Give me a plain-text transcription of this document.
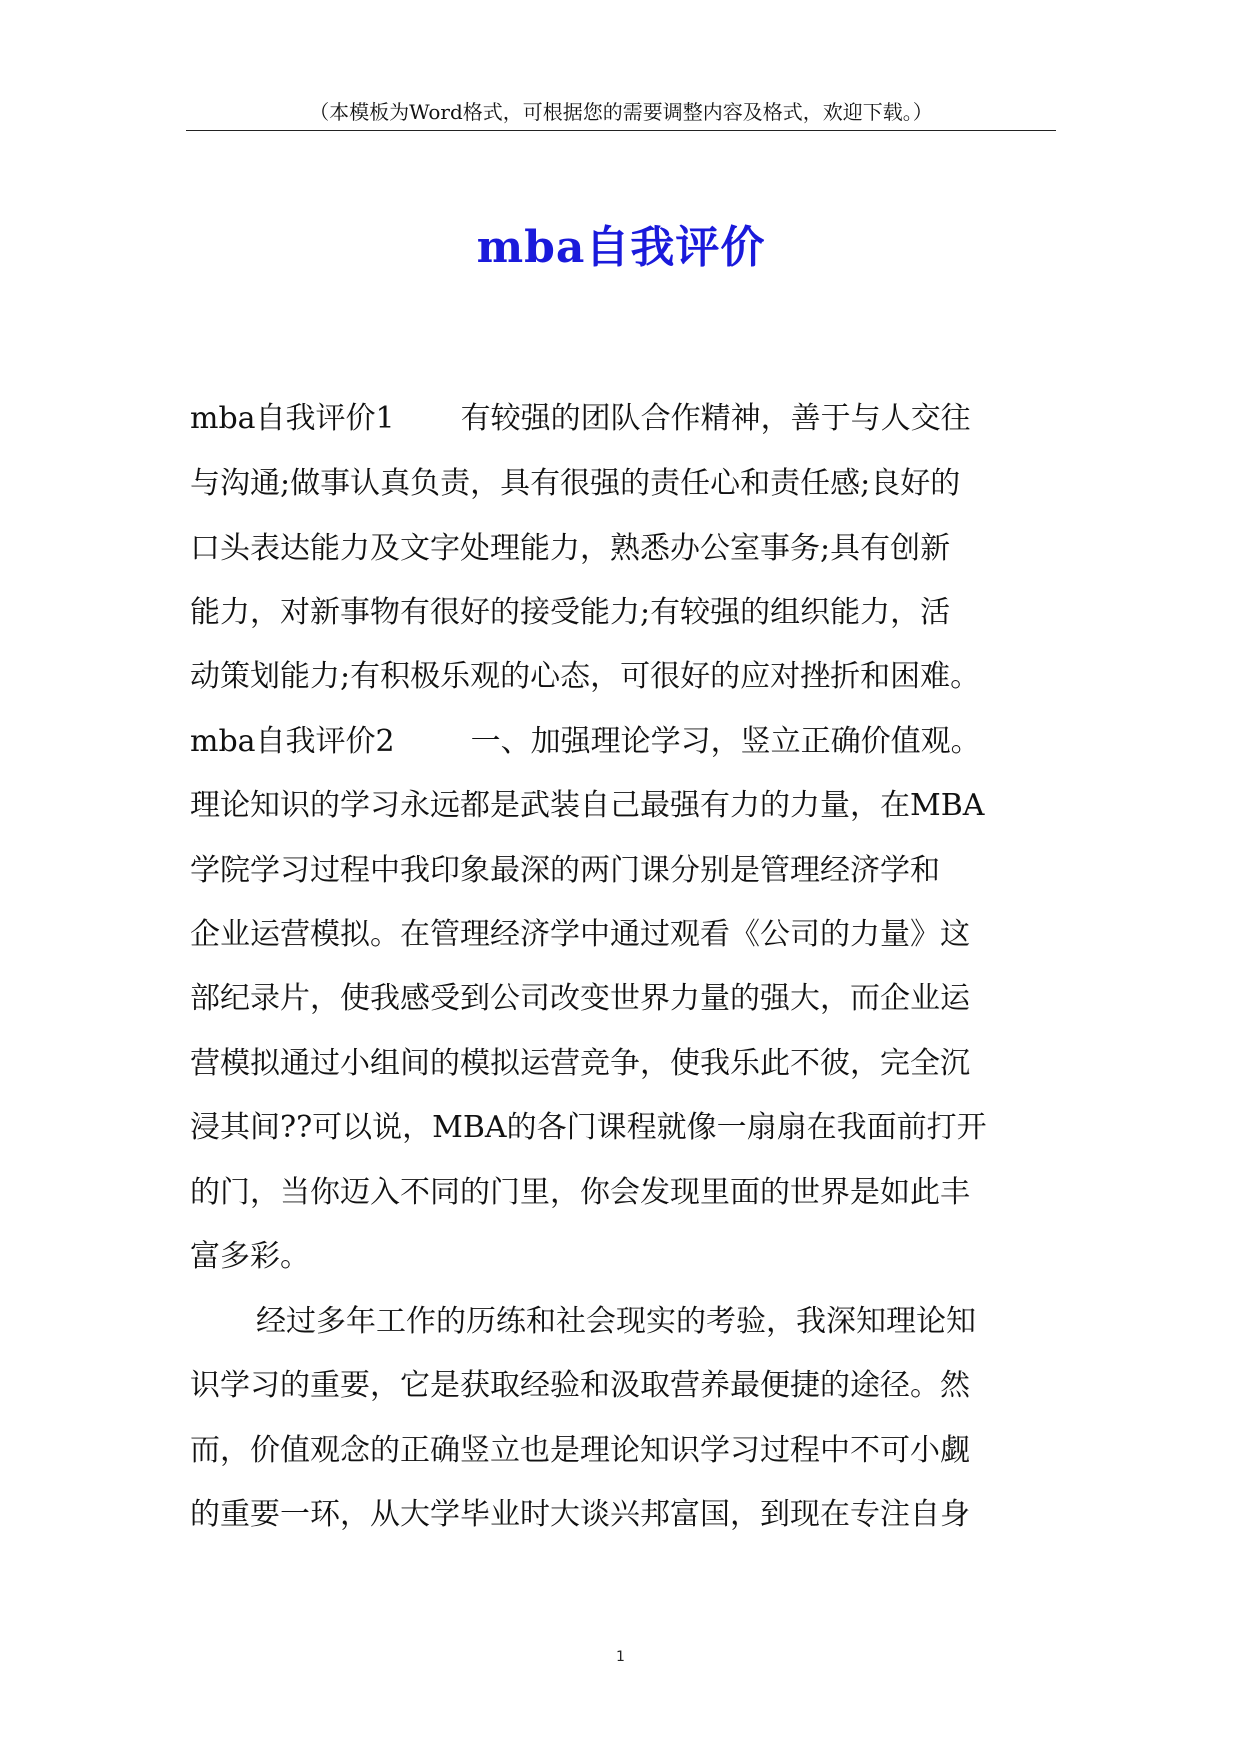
（本模板为Word格式，可根据您的需要调整内容及格式，欢迎下载。）
mba自我评价
mba自我评价1 有较强的团队合作精神，善于与人交往
与沟通;做事认真负责，具有很强的责任心和责任感;良好的
口头表达能力及文字处理能力，熟悉办公室事务;具有创新
能力，对新事物有很好的接受能力;有较强的组织能力，活
动策划能力;有积极乐观的心态，可很好的应对挫折和困难。
mba自我评价2	一、加强理论学习，竖立正确价值观。
理论知识的学习永远都是武装自己最强有力的力量，在MBA
学院学习过程中我印象最深的两门课分别是管理经济学和
企业运营模拟。在管理经济学中通过观看《公司的力量》这
部纪录片，使我感受到公司改变世界力量的强大，而企业运
营模拟通过小组间的模拟运营竞争，使我乐此不彼，完全沉
浸其间??可以说，MBA的各门课程就像一扇扇在我面前打开
的门，当你迈入不同的门里，你会发现里面的世界是如此丰
富多彩。
经过多年工作的历练和社会现实的考验，我深知理论知
识学习的重要，它是获取经验和汲取营养最便捷的途径。然
而，价值观念的正确竖立也是理论知识学习过程中不可小觑
的重要一环，从大学毕业时大谈兴邦富国，到现在专注自身
1
